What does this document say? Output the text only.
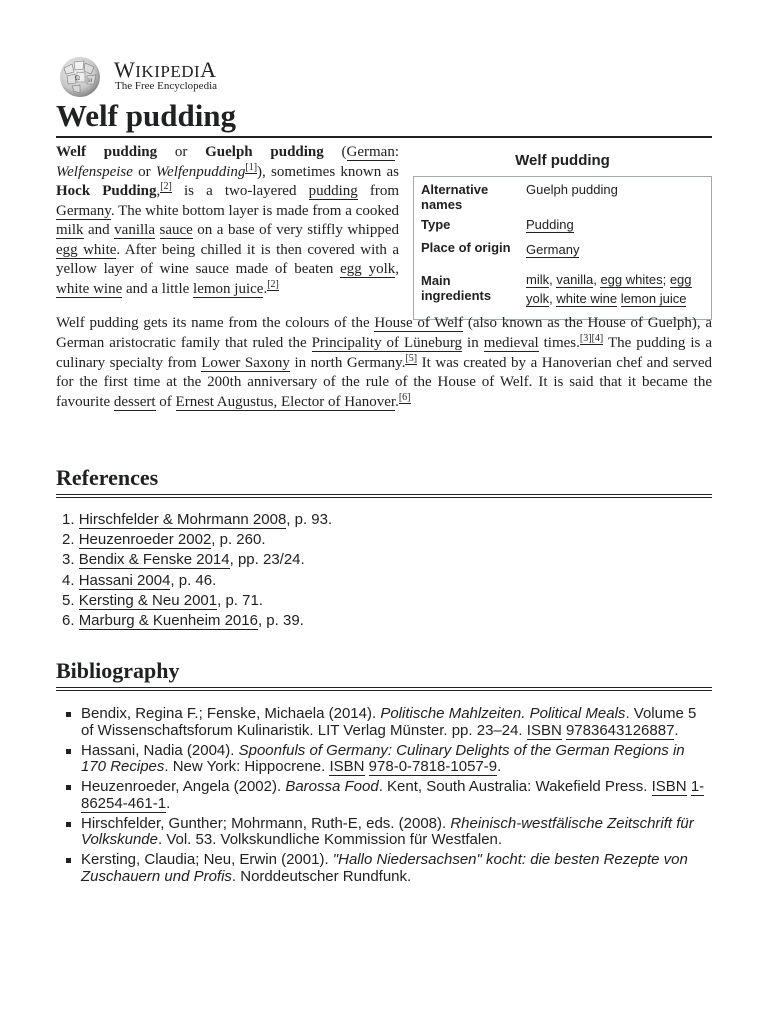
Ω И WIKIPEDIA
The Free Encyclopedia
Welf pudding

Welf pudding or Guelph pudding (German: Welfenspeise or Welfenpudding[1]), sometimes known as Hock Pudding,[2] is a two-layered pudding from Germany. The white bottom layer is made from a cooked milk and vanilla sauce on a base of very stiffly whipped egg white. After being chilled it is then covered with a yellow layer of wine sauce made of beaten egg yolk, white wine and a little lemon juice.[2]

Welf pudding
Alternative names
Guelph pudding
Type	Pudding
Place of origin	Germany
Main ingredients
milk, vanilla, egg whites; egg yolk, white wine lemon juice

Welf pudding gets its name from the colours of the House of Welf (also known as the House of Guelph), a German aristocratic family that ruled the Principality of Lüneburg in medieval times.[3][4] The pudding is a culinary specialty from Lower Saxony in north Germany.[5] It was created by a Hanoverian chef and served for the first time at the 200th anniversary of the rule of the House of Welf. It is said that it became the favourite dessert of Ernest Augustus, Elector of Hanover.[6]

References
1. Hirschfelder & Mohrmann 2008, p. 93.
2. Heuzenroeder 2002, p. 260.
3. Bendix & Fenske 2014, pp. 23/24.
4. Hassani 2004, p. 46.
5. Kersting & Neu 2001, p. 71.
6. Marburg & Kuenheim 2016, p. 39.
Bibliography
Bendix, Regina F.; Fenske, Michaela (2014). Politische Mahlzeiten. Political Meals. Volume 5 of Wissenschaftsforum Kulinaristik. LIT Verlag Münster. pp. 23–24. ISBN 9783643126887.
Hassani, Nadia (2004). Spoonfuls of Germany: Culinary Delights of the German Regions in 170 Recipes. New York: Hippocrene. ISBN 978-0-7818-1057-9.
Heuzenroeder, Angela (2002). Barossa Food. Kent, South Australia: Wakefield Press. ISBN 1-86254-461-1.
Hirschfelder, Gunther; Mohrmann, Ruth-E, eds. (2008). Rheinisch-westfälische Zeitschrift für Volkskunde. Vol. 53. Volkskundliche Kommission für Westfalen.
Kersting, Claudia; Neu, Erwin (2001). "Hallo Niedersachsen" kocht: die besten Rezepte von Zuschauern und Profis. Norddeutscher Rundfunk.
